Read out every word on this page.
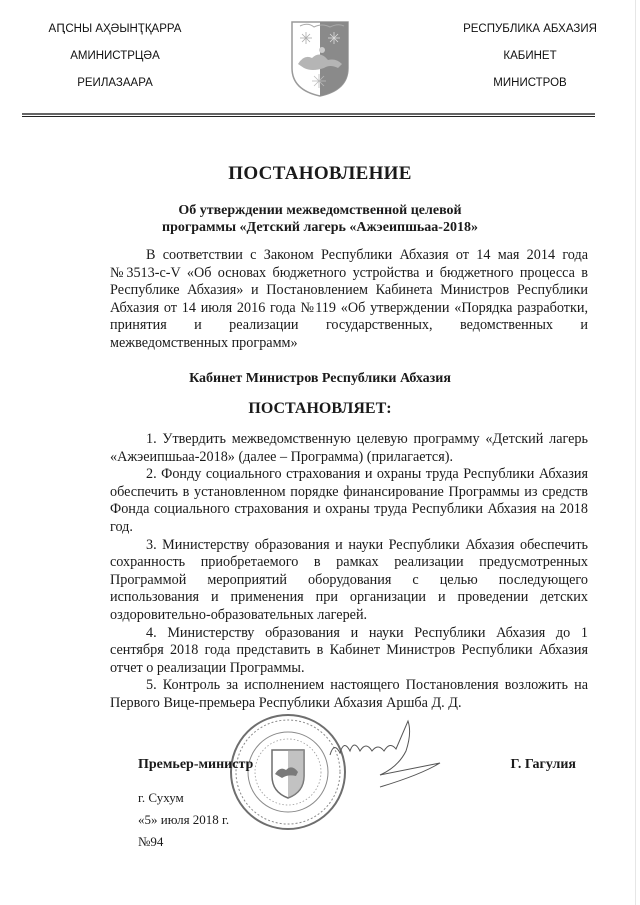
АԤСНЫ АҲӘЫНҬҚАРРА
АМИНИСТРЦӘА
РЕИЛАЗААРА
РЕСПУБЛИКА АБХАЗИЯ
КАБИНЕТ
МИНИСТРОВ
ПОСТАНОВЛЕНИЕ
Об утверждении межведомственной целевой
программы «Детский лагерь «Ажэеипшьаа-2018»

В соответствии с Законом Республики Абхазия от 14 мая 2014 года №3513-с-V «Об основах бюджетного устройства и бюджетного процесса в Республике Абхазия» и Постановлением Кабинета Министров Республики Абхазия от 14 июля 2016 года №119 «Об утверждении «Порядка разработки, принятия и реализации государственных, ведомственных и межведомственных программ»

Кабинет Министров Республики Абхазия
ПОСТАНОВЛЯЕТ:

1. Утвердить межведомственную целевую программу «Детский лагерь «Ажэеипшьаа-2018» (далее – Программа) (прилагается).

2. Фонду социального страхования и охраны труда Республики Абхазия обеспечить в установленном порядке финансирование Программы из средств Фонда социального страхования и охраны труда Республики Абхазия на 2018 год.

3. Министерству образования и науки Республики Абхазия обеспечить сохранность приобретаемого в рамках реализации предусмотренных Программой мероприятий оборудования с целью последующего использования и применения при организации и проведении детских оздоровительно-образовательных лагерей.

4. Министерству образования и науки Республики Абхазия до 1 сентября 2018 года представить в Кабинет Министров Республики Абхазия отчет о реализации Программы.

5. Контроль за исполнением настоящего Постановления возложить на Первого Вице-премьера Республики Абхазия Аршба Д. Д.

Премьер-министр	Г. Гагулия
г. Сухум
«5» июля 2018 г.
№94
